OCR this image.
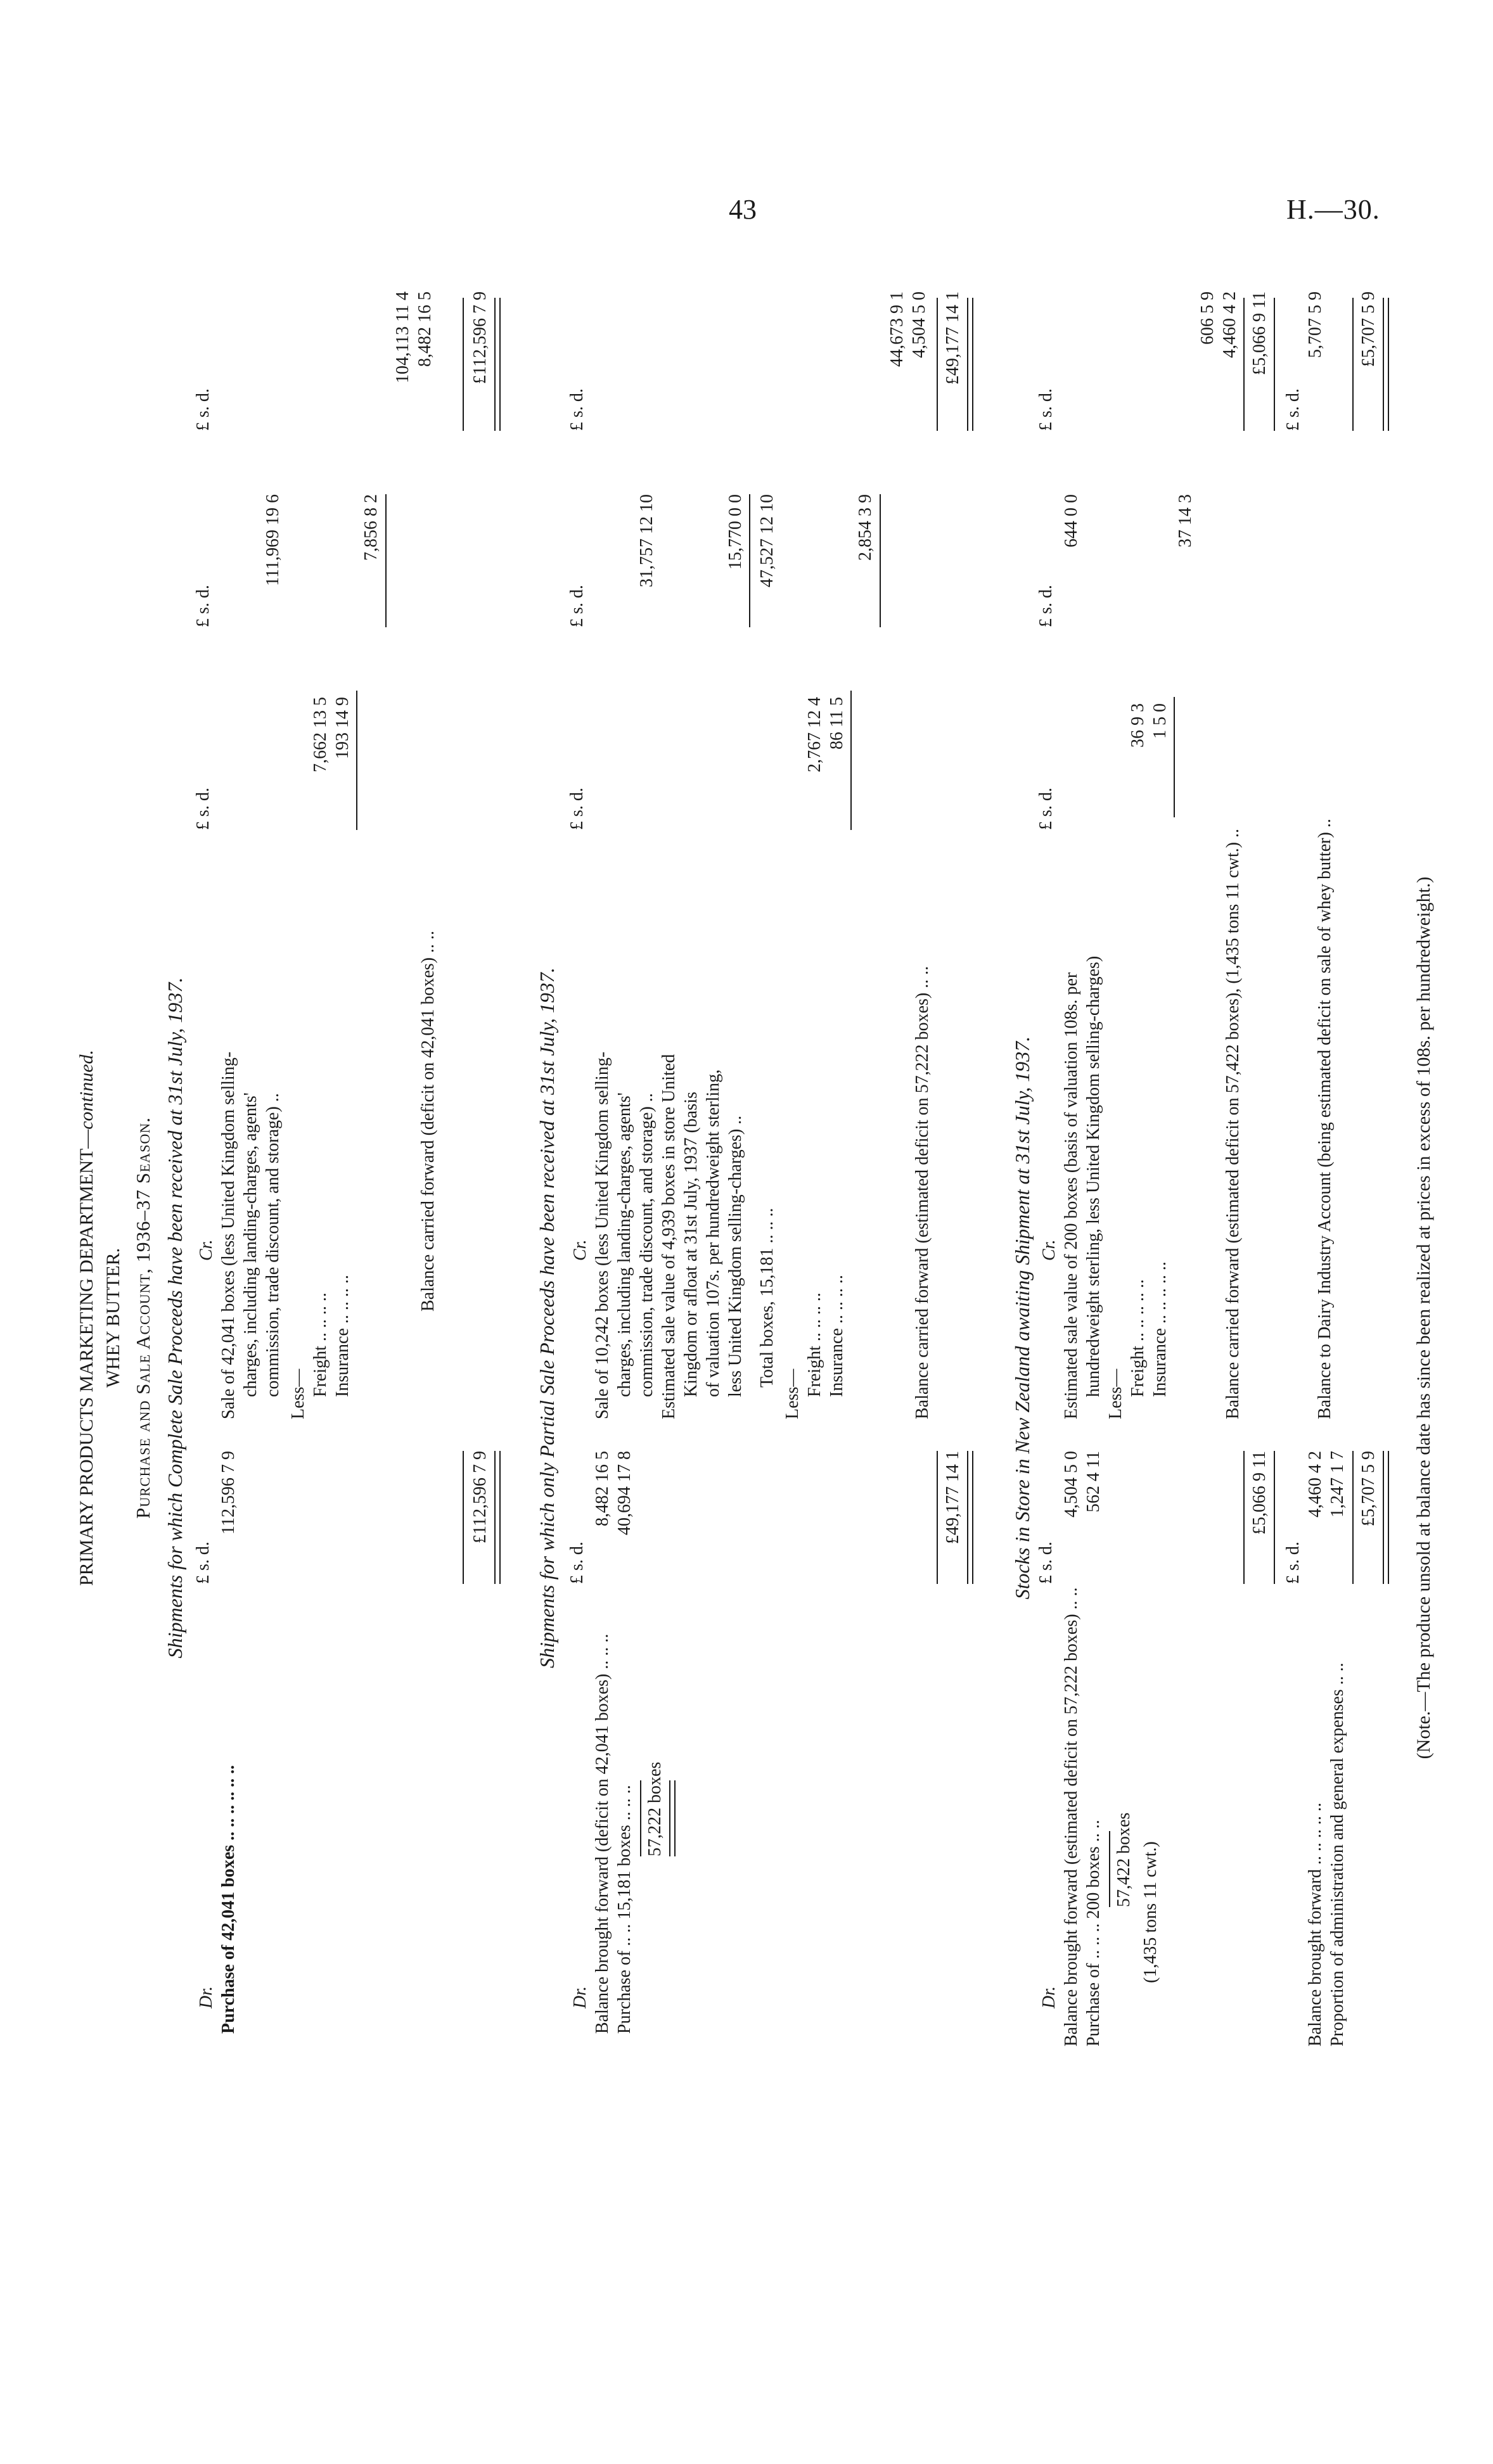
43	H.—30.
PRIMARY PRODUCTS MARKETING DEPARTMENT—continued.
WHEY BUTTER. Purchase and Sale Account, 1936–37 Season. Shipments for which Complete Sale Proceeds have been received at 31st July, 1937.
Dr.
£ s. d.
Cr.
£ s. d.
£ s. d.
£ s. d.
Purchase of 42,041 boxes .. .. .. .. .. ..
112,596 7 9
Sale of 42,041 boxes (less United Kingdom selling- charges, including landing-charges, agents' commission, trade discount, and storage) ..
111,969 19 6
Less— Freight .. .. .. ..
7,662 13 5
Insurance .. .. .. ..
193 14 9
7,856 8 2
104,113 11 4
Balance carried forward (deficit on 42,041 boxes) .. ..
8,482 16 5
£112,596 7 9
£112,596 7 9
Shipments for which only Partial Sale Proceeds have been received at 31st July, 1937.
Dr.
£ s. d.
Cr.
£ s. d.
£ s. d.
£ s. d.
Balance brought forward (deficit on 42,041 boxes) .. .. ..
8,482 16 5
Purchase of .. .. 15,181 boxes .. .. ..
40,694 17 8
57,222 boxes
Sale of 10,242 boxes (less United Kingdom selling- charges, including landing-charges, agents' commission, trade discount, and storage) ..
31,757 12 10
Estimated sale value of 4,939 boxes in store United Kingdom or afloat at 31st July, 1937 (basis of valuation 107s. per hundredweight sterling, less United Kingdom selling-charges) ..
15,770 0 0
Total boxes, 15,181 .. .. ..
47,527 12 10
Less— Freight .. .. .. ..
2,767 12 4
Insurance .. .. .. ..
86 11 5
2,854 3 9
44,673 9 1
Balance carried forward (estimated deficit on 57,222 boxes) .. ..
4,504 5 0
£49,177 14 1
£49,177 14 1
Stocks in Store in New Zealand awaiting Shipment at 31st July, 1937.
Dr.
£ s. d.
Cr.
£ s. d.
£ s. d.
£ s. d.
Balance brought forward (estimated deficit on 57,222 boxes) .. ..
4,504 5 0
Purchase of .. .. .. 200 boxes .. ..
562 4 11
57,422 boxes (1,435 tons 11 cwt.)
Estimated sale value of 200 boxes (basis of valuation 108s. per hundredweight sterling, less United Kingdom selling-charges)
644 0 0
Less— Freight .. .. .. .. ..
36 9 3
Insurance .. .. .. .. ..
1 5 0
37 14 3
606 5 9
Balance carried forward (estimated deficit on 57,422 boxes), (1,435 tons 11 cwt.) ..
4,460 4 2
£5,066 9 11
£5,066 9 11
£ s. d.
£ s. d.
Balance brought forward .. .. .. .. ..
4,460 4 2
Proportion of administration and general expenses .. ..
1,247 1 7
Balance to Dairy Industry Account (being estimated deficit on sale of whey butter) ..
5,707 5 9
£5,707 5 9
£5,707 5 9
(Note.—The produce unsold at balance date has since been realized at prices in excess of 108s. per hundredweight.)
